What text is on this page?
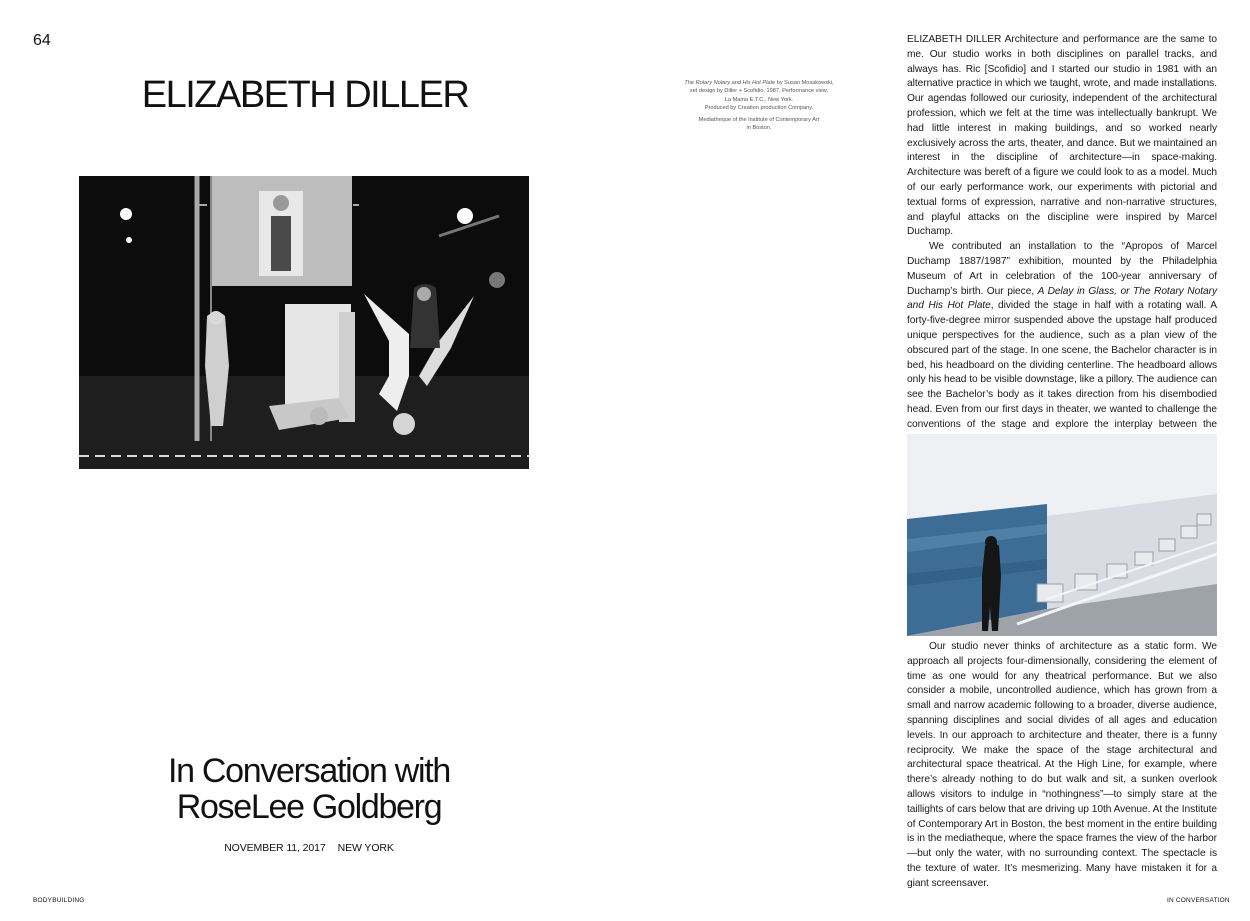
64
ELIZABETH DILLER	The Rotary Notary and His Hot Plate by Susan Mosakowski,
set design by Diller + Scofidio, 1987. Performance view,
La Mama E.T.C., New York.
Produced by Creation production Company.

Mediatheque of the Institute of Contemporary Art
in Boston.

In Conversation with
RoseLee Goldberg
NOVEMBER 11, 2017 NEW YORK

ELIZABETH DILLER Architecture and performance are the same to me. Our studio works in both disciplines on parallel tracks, and always has. Ric [Scofidio] and I started our studio in 1981 with an alternative practice in which we taught, wrote, and made installations. Our agendas followed our curiosity, independent of the architectural profession, which we felt at the time was intellectually bankrupt. We had little interest in making buildings, and so worked nearly exclusively across the arts, theater, and dance. But we maintained an interest in the discipline of architecture—in space-making. Architecture was bereft of a figure we could look to as a model. Much of our early performance work, our experiments with pictorial and textual forms of expression, narrative and non-narrative structures, and playful attacks on the discipline were inspired by Marcel Duchamp.

We contributed an installation to the “Apropos of Marcel Duchamp 1887/1987” exhibition, mounted by the Philadelphia Museum of Art in celebration of the 100-year anniversary of Duchamp’s birth. Our piece, A Delay in Glass, or The Rotary Notary and His Hot Plate, divided the stage in half with a rotating wall. A forty-five-degree mirror suspended above the upstage half produced unique perspectives for the audience, such as a plan view of the obscured part of the stage. In one scene, the Bachelor character is in bed, his headboard on the dividing centerline. The headboard allows only his head to be visible downstage, like a pillory. The audience can see the Bachelor’s body as it takes direction from his disembodied head. Even from our first days in theater, we wanted to challenge the conventions of the stage and explore the interplay between the

Our studio never thinks of architecture as a static form. We approach all projects four-dimensionally, considering the element of time as one would for any theatrical performance. But we also consider a mobile, uncontrolled audience, which has grown from a small and narrow academic following to a broader, diverse audience, spanning disciplines and social divides of all ages and education levels. In our approach to architecture and theater, there is a funny reciprocity. We make the space of the stage architectural and architectural space theatrical. At the High Line, for example, where there’s already nothing to do but walk and sit, a sunken overlook allows visitors to indulge in “nothingness”—to simply stare at the taillights of cars below that are driving up 10th Avenue. At the Institute of Contemporary Art in Boston, the best moment in the entire building is in the mediatheque, where the space frames the view of the harbor—but only the water, with no surrounding context. The spectacle is the texture of water. It’s mesmerizing. Many have mistaken it for a giant screensaver.

BODYBUILDING	IN CONVERSATION
